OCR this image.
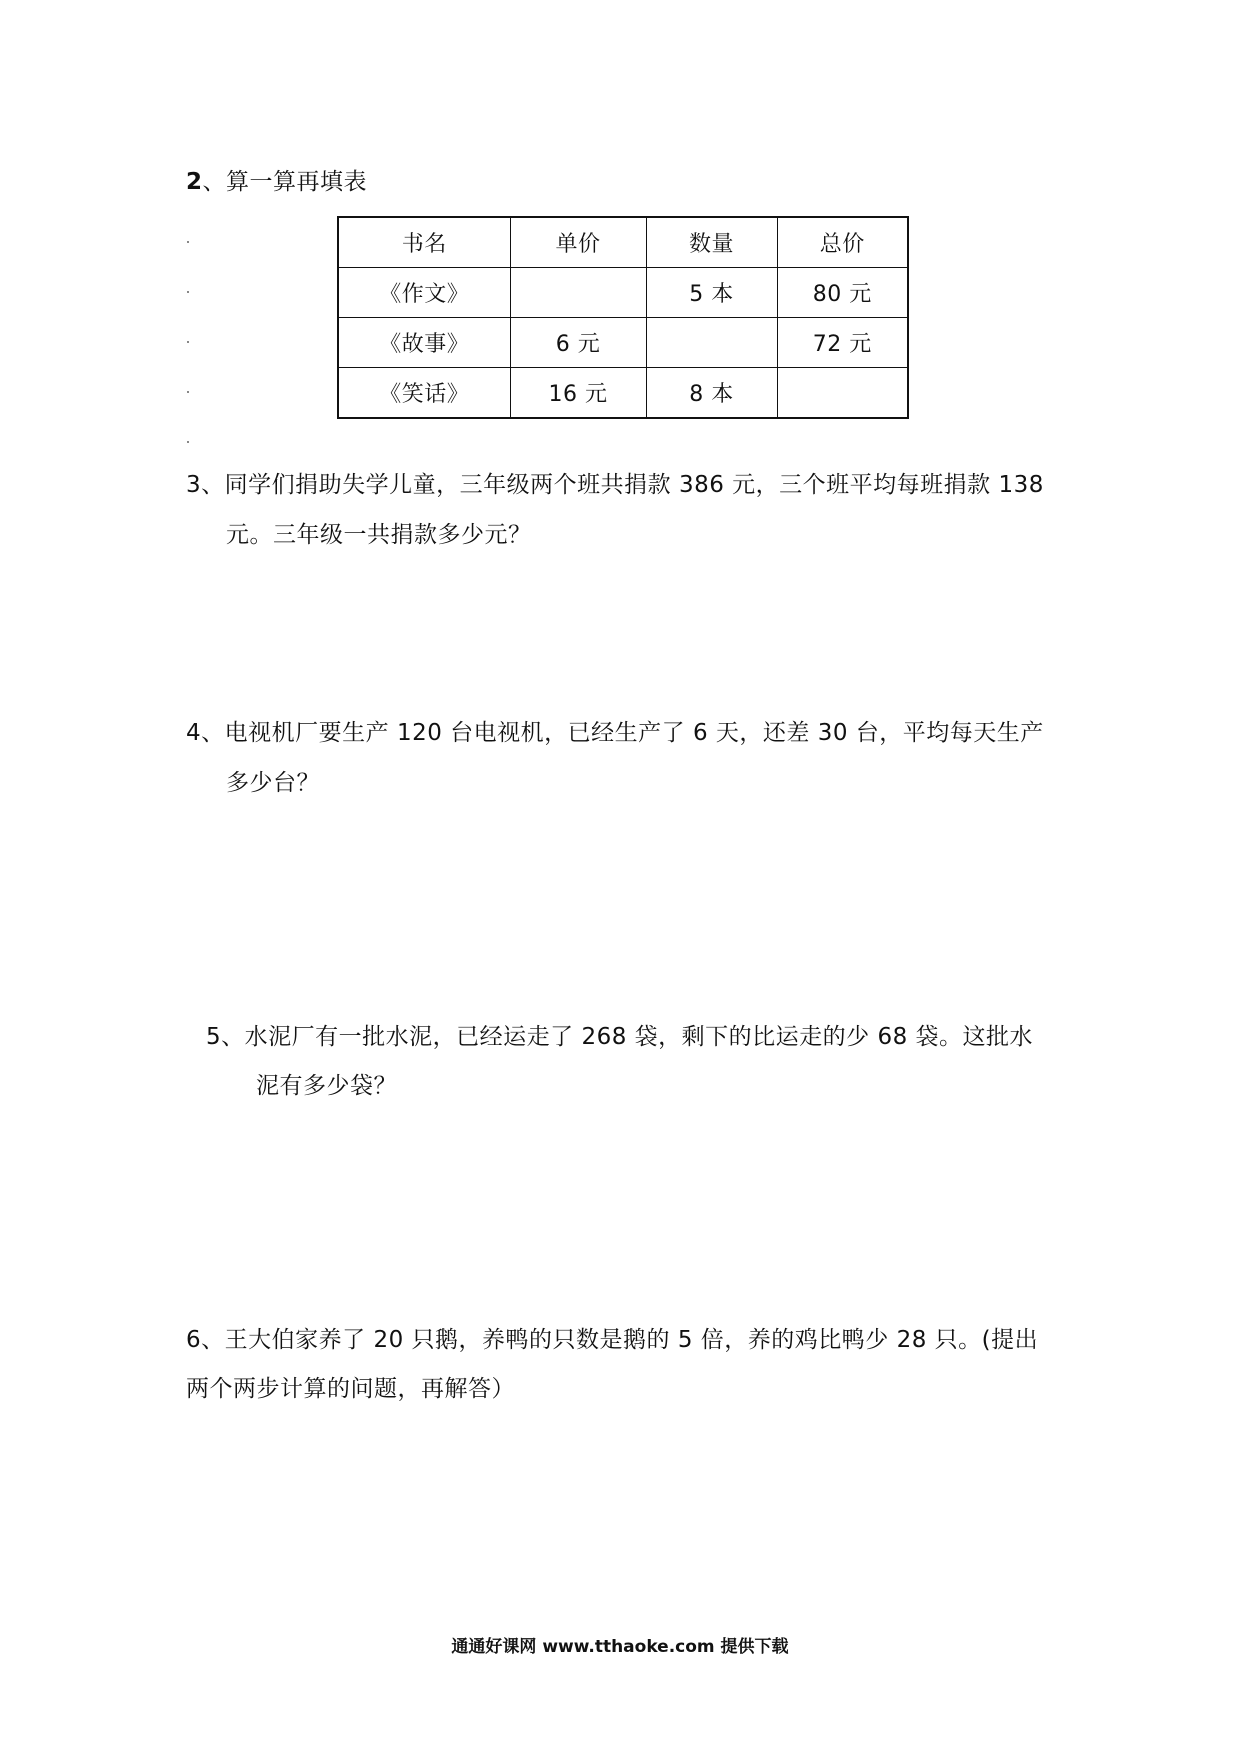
2、算一算再填表
书名	单价	数量	总价
《作文》		5 本	80 元
《故事》	6 元		72 元
《笑话》	16 元	8 本	
3、同学们捐助失学儿童，三年级两个班共捐款 386 元，三个班平均每班捐款 138
元。三年级一共捐款多少元？
4、电视机厂要生产 120 台电视机，已经生产了 6 天，还差 30 台，平均每天生产
多少台？
5、水泥厂有一批水泥，已经运走了 268 袋，剩下的比运走的少 68 袋。这批水
泥有多少袋？
6、王大伯家养了 20 只鹅，养鸭的只数是鹅的 5 倍，养的鸡比鸭少 28 只。(提出
两个两步计算的问题，再解答）
通通好课网 www.tthaoke.com 提供下载
